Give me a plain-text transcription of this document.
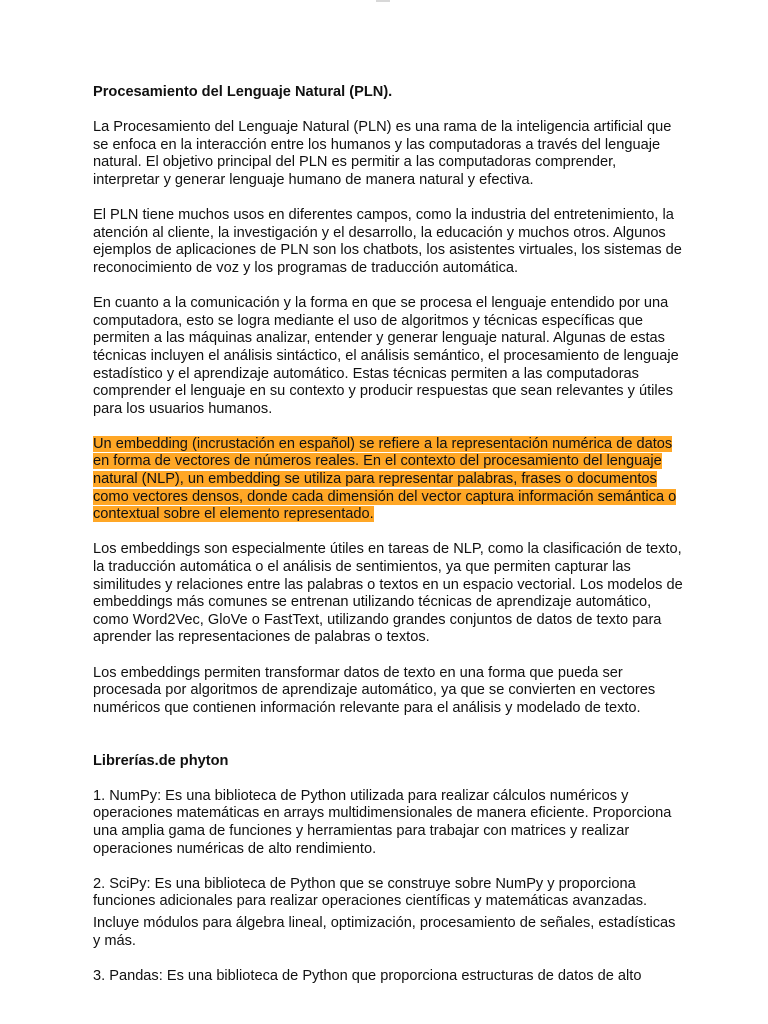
Procesamiento del Lenguaje Natural (PLN).

La Procesamiento del Lenguaje Natural (PLN) es una rama de la inteligencia artificial que se enfoca en la interacción entre los humanos y las computadoras a través del lenguaje natural. El objetivo principal del PLN es permitir a las computadoras comprender, interpretar y generar lenguaje humano de manera natural y efectiva.

El PLN tiene muchos usos en diferentes campos, como la industria del entretenimiento, la atención al cliente, la investigación y el desarrollo, la educación y muchos otros. Algunos ejemplos de aplicaciones de PLN son los chatbots, los asistentes virtuales, los sistemas de reconocimiento de voz y los programas de traducción automática.

En cuanto a la comunicación y la forma en que se procesa el lenguaje entendido por una computadora, esto se logra mediante el uso de algoritmos y técnicas específicas que permiten a las máquinas analizar, entender y generar lenguaje natural. Algunas de estas técnicas incluyen el análisis sintáctico, el análisis semántico, el procesamiento de lenguaje estadístico y el aprendizaje automático. Estas técnicas permiten a las computadoras comprender el lenguaje en su contexto y producir respuestas que sean relevantes y útiles para los usuarios humanos.

Un embedding (incrustación en español) se refiere a la representación numérica de datos en forma de vectores de números reales. En el contexto del procesamiento del lenguaje natural (NLP), un embedding se utiliza para representar palabras, frases o documentos como vectores densos, donde cada dimensión del vector captura información semántica o contextual sobre el elemento representado.

Los embeddings son especialmente útiles en tareas de NLP, como la clasificación de texto, la traducción automática o el análisis de sentimientos, ya que permiten capturar las similitudes y relaciones entre las palabras o textos en un espacio vectorial. Los modelos de embeddings más comunes se entrenan utilizando técnicas de aprendizaje automático, como Word2Vec, GloVe o FastText, utilizando grandes conjuntos de datos de texto para aprender las representaciones de palabras o textos.

Los embeddings permiten transformar datos de texto en una forma que pueda ser procesada por algoritmos de aprendizaje automático, ya que se convierten en vectores numéricos que contienen información relevante para el análisis y modelado de texto.

Librerías.de phyton

1. NumPy: Es una biblioteca de Python utilizada para realizar cálculos numéricos y operaciones matemáticas en arrays multidimensionales de manera eficiente. Proporciona una amplia gama de funciones y herramientas para trabajar con matrices y realizar operaciones numéricas de alto rendimiento.

2. SciPy: Es una biblioteca de Python que se construye sobre NumPy y proporciona funciones adicionales para realizar operaciones científicas y matemáticas avanzadas.

Incluye módulos para álgebra lineal, optimización, procesamiento de señales, estadísticas y más.

3. Pandas: Es una biblioteca de Python que proporciona estructuras de datos de alto
